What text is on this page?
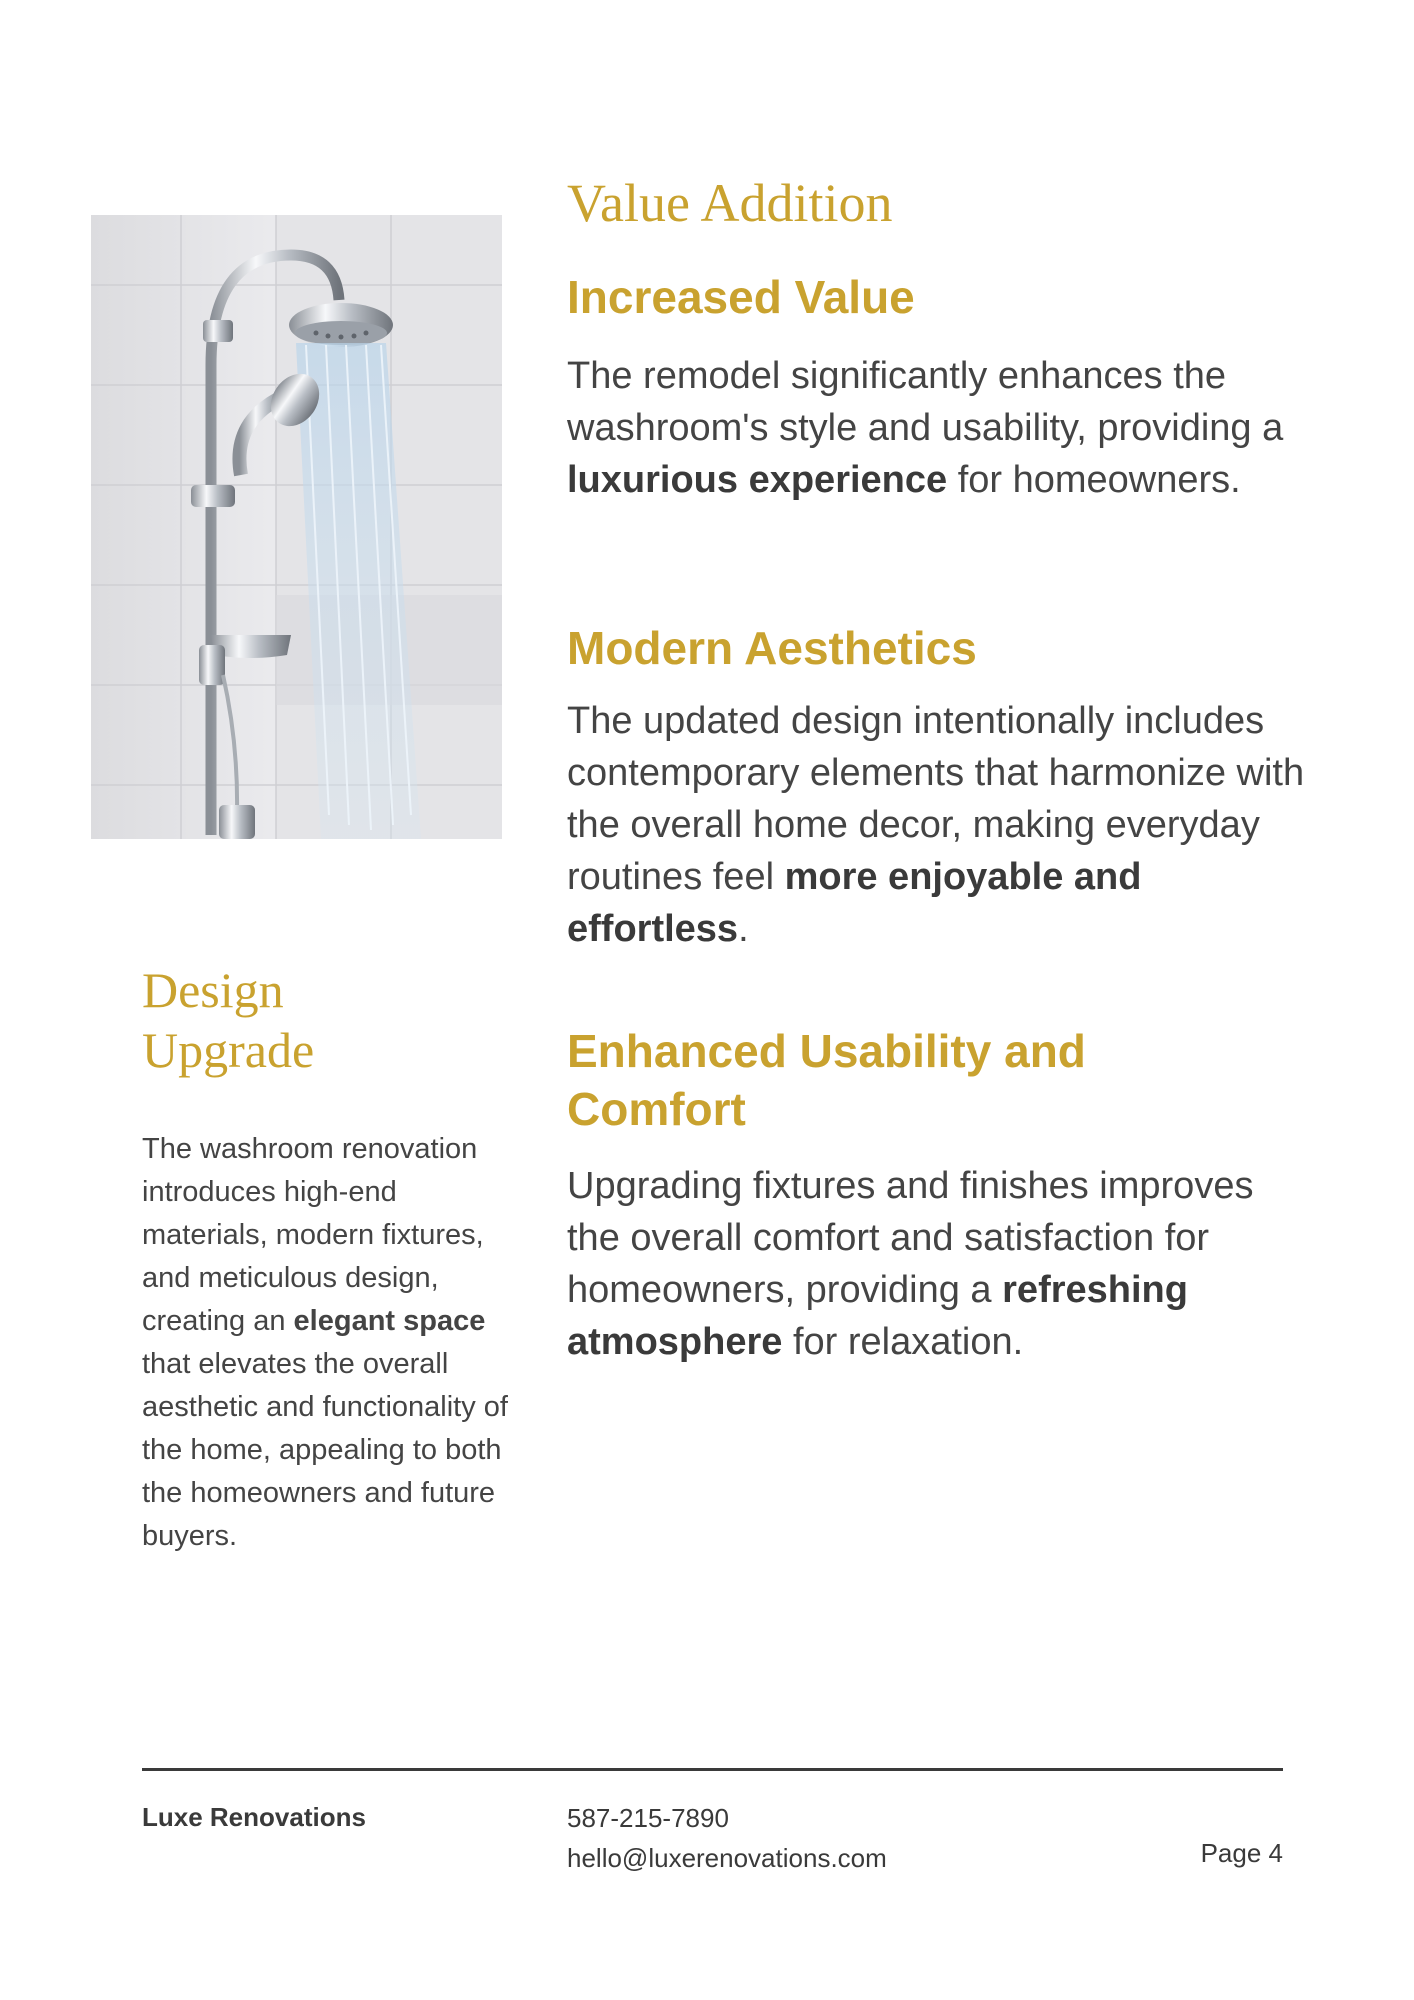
Value Addition
Increased Value

The remodel significantly enhances the washroom's style and usability, providing a luxurious experience for homeowners.

Modern Aesthetics

The updated design intentionally includes contemporary elements that harmonize with the overall home decor, making everyday routines feel more enjoyable and effortless.

Enhanced Usability and Comfort

Upgrading fixtures and finishes improves the overall comfort and satisfaction for homeowners, providing a refreshing atmosphere for relaxation.

Design
Upgrade

The washroom renovation introduces high-end materials, modern fixtures, and meticulous design, creating an elegant space that elevates the overall aesthetic and functionality of the home, appealing to both the homeowners and future buyers.

Luxe Renovations	587-215-7890
hello@luxerenovations.com	Page 4
